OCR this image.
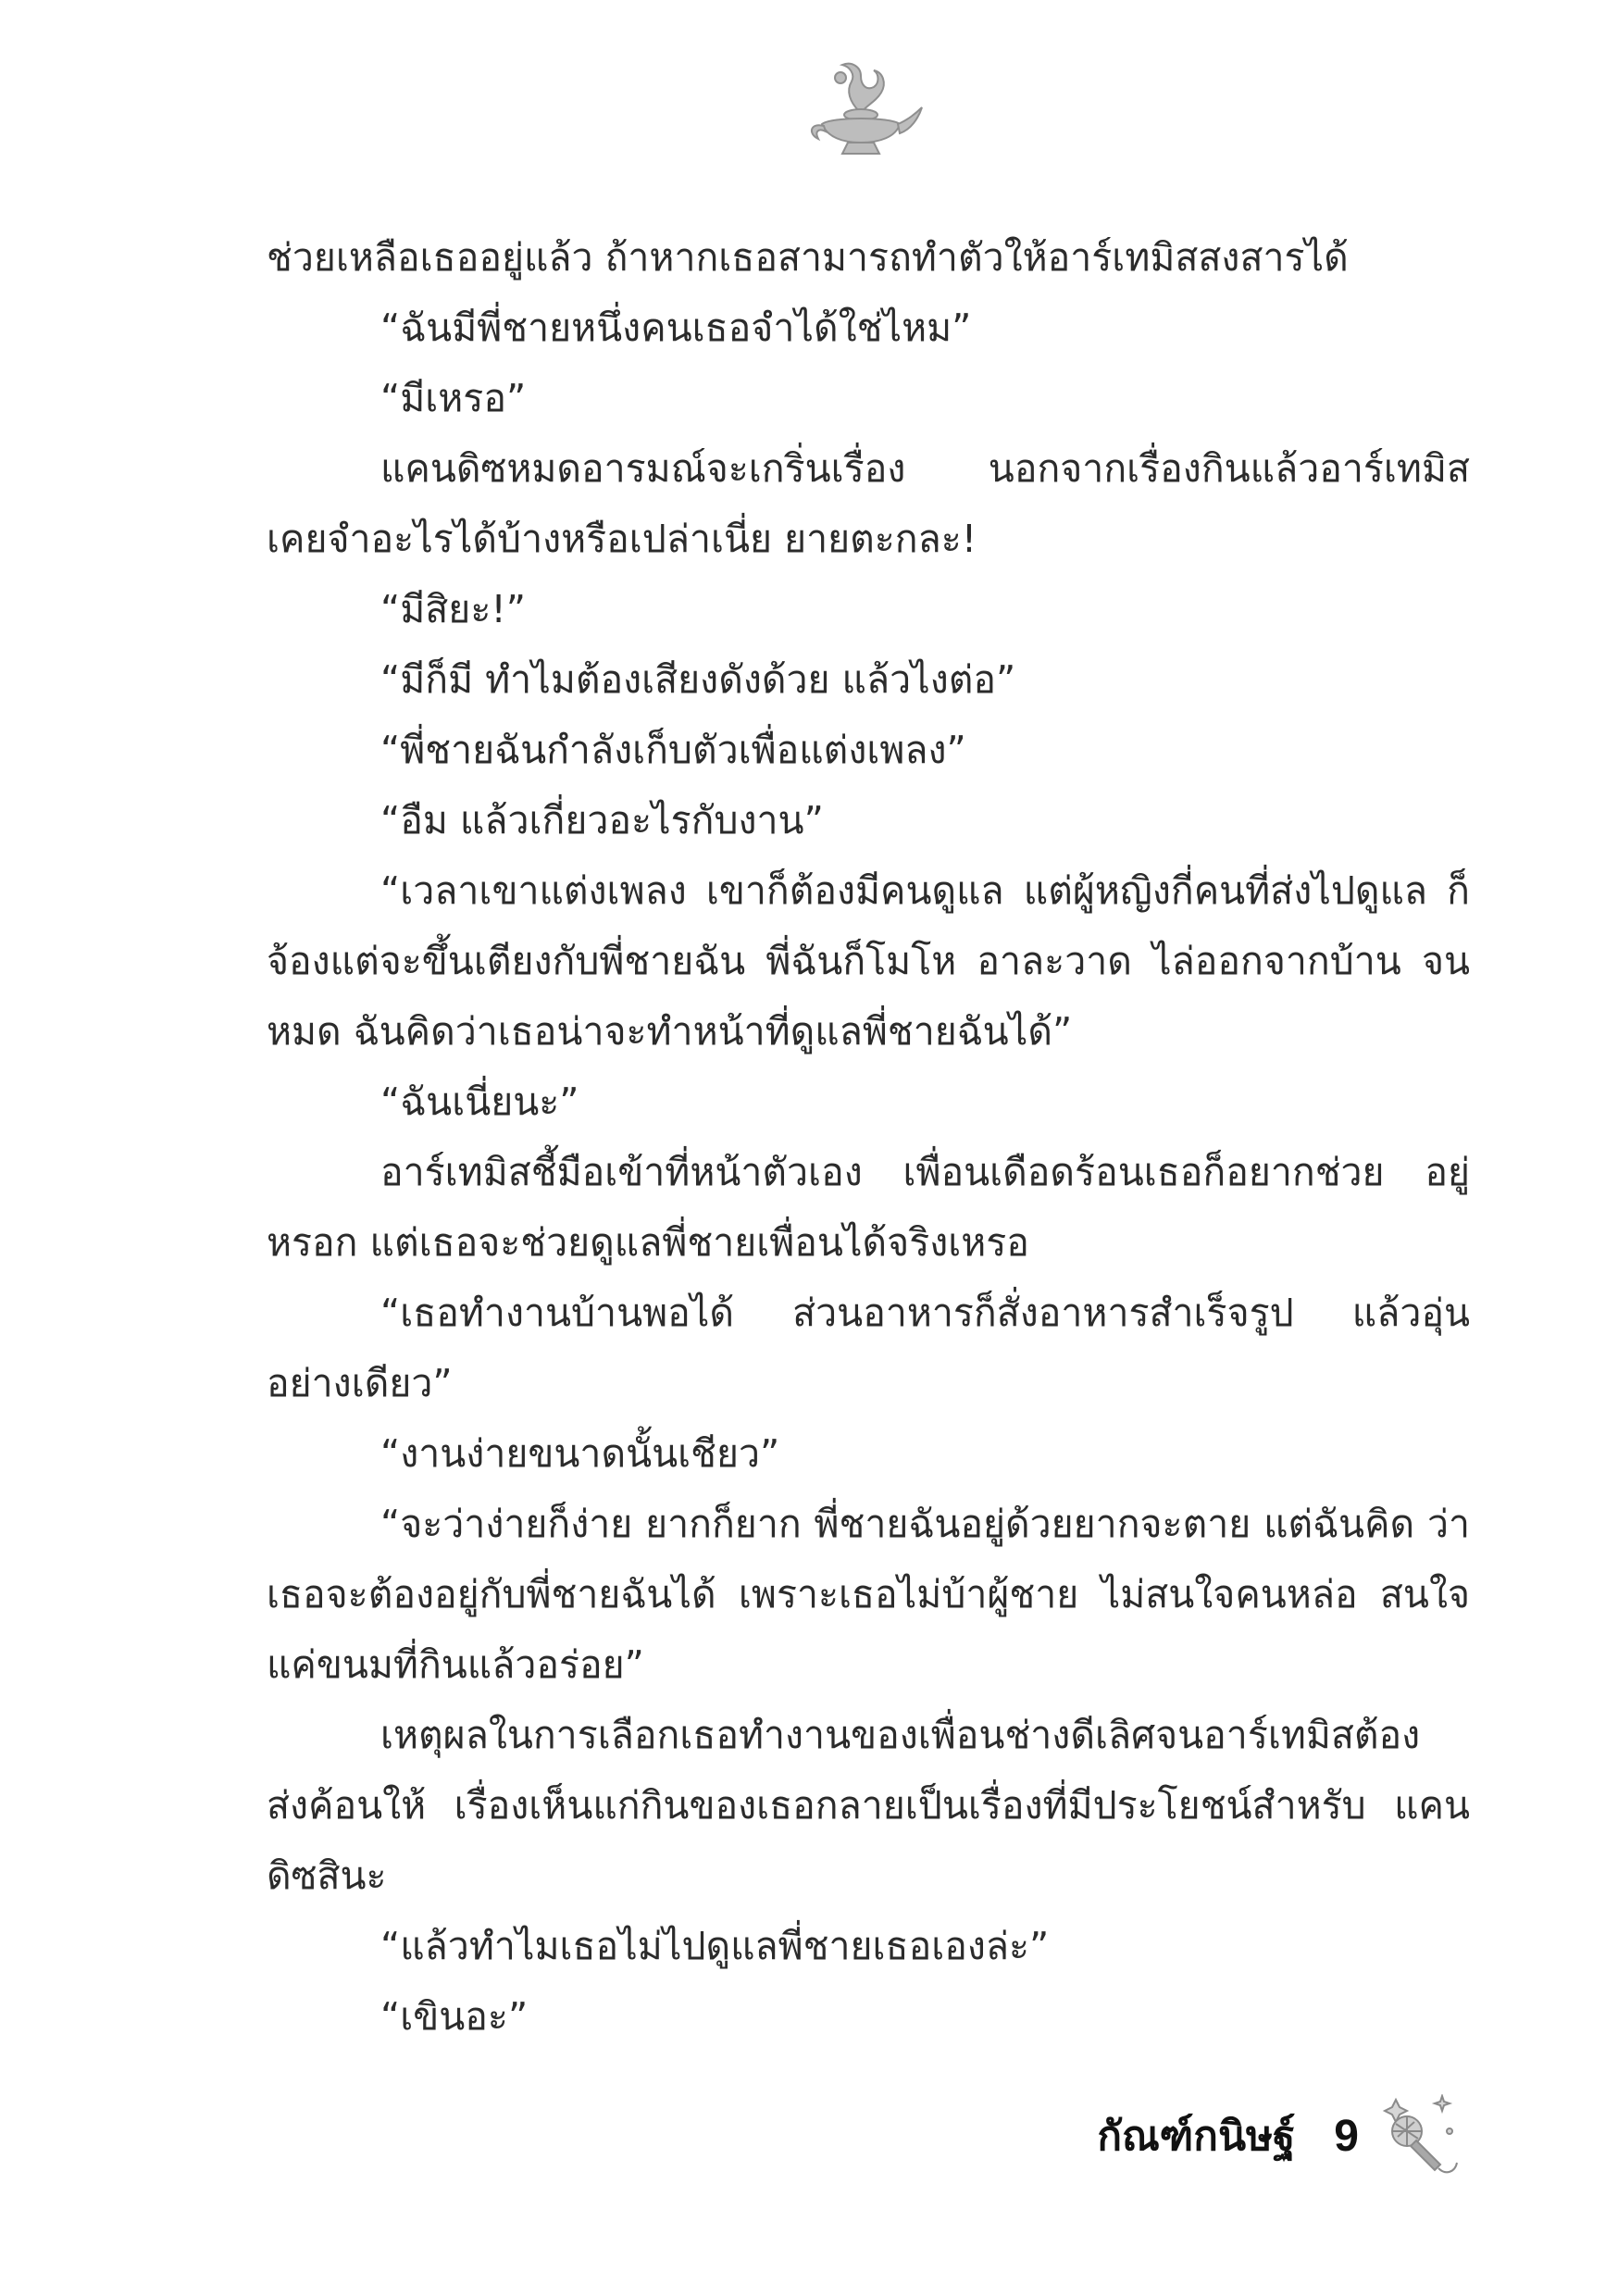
ช่วยเหลือเธออยู่แล้ว ถ้าหากเธอสามารถทำตัวให้อาร์เทมิสสงสารได้

“ฉันมีพี่ชายหนึ่งคนเธอจำได้ใช่ไหม”

“มีเหรอ”

แคนดิซหมดอารมณ์จะเกริ่นเรื่อง นอกจากเรื่องกินแล้วอาร์เทมิส เคยจำอะไรได้บ้างหรือเปล่าเนี่ย ยายตะกละ!

“มีสิยะ!”

“มีก็มี ทำไมต้องเสียงดังด้วย แล้วไงต่อ”

“พี่ชายฉันกำลังเก็บตัวเพื่อแต่งเพลง”

“อืม แล้วเกี่ยวอะไรกับงาน”

“เวลาเขาแต่งเพลง เขาก็ต้องมีคนดูแล แต่ผู้หญิงกี่คนที่ส่งไปดูแล ก็จ้องแต่จะขึ้นเตียงกับพี่ชายฉัน พี่ฉันก็โมโห อาละวาด ไล่ออกจากบ้าน จนหมด ฉันคิดว่าเธอน่าจะทำหน้าที่ดูแลพี่ชายฉันได้”

“ฉันเนี่ยนะ”

อาร์เทมิสชี้มือเข้าที่หน้าตัวเอง เพื่อนเดือดร้อนเธอก็อยากช่วย อยู่หรอก แต่เธอจะช่วยดูแลพี่ชายเพื่อนได้จริงเหรอ

“เธอทำงานบ้านพอได้ ส่วนอาหารก็สั่งอาหารสำเร็จรูป แล้วอุ่น อย่างเดียว”

“งานง่ายขนาดนั้นเชียว”

“จะว่าง่ายก็ง่าย ยากก็ยาก พี่ชายฉันอยู่ด้วยยากจะตาย แต่ฉันคิด ว่าเธอจะต้องอยู่กับพี่ชายฉันได้ เพราะเธอไม่บ้าผู้ชาย ไม่สนใจคนหล่อ สนใจแค่ขนมที่กินแล้วอร่อย”

เหตุผลในการเลือกเธอทำงานของเพื่อนช่างดีเลิศจนอาร์เทมิสต้อง ส่งค้อนให้ เรื่องเห็นแก่กินของเธอกลายเป็นเรื่องที่มีประโยชน์สำหรับ แคนดิซสินะ

“แล้วทำไมเธอไม่ไปดูแลพี่ชายเธอเองล่ะ”

“เขินอะ”

กัณฑ์กนิษฐ์ 9
